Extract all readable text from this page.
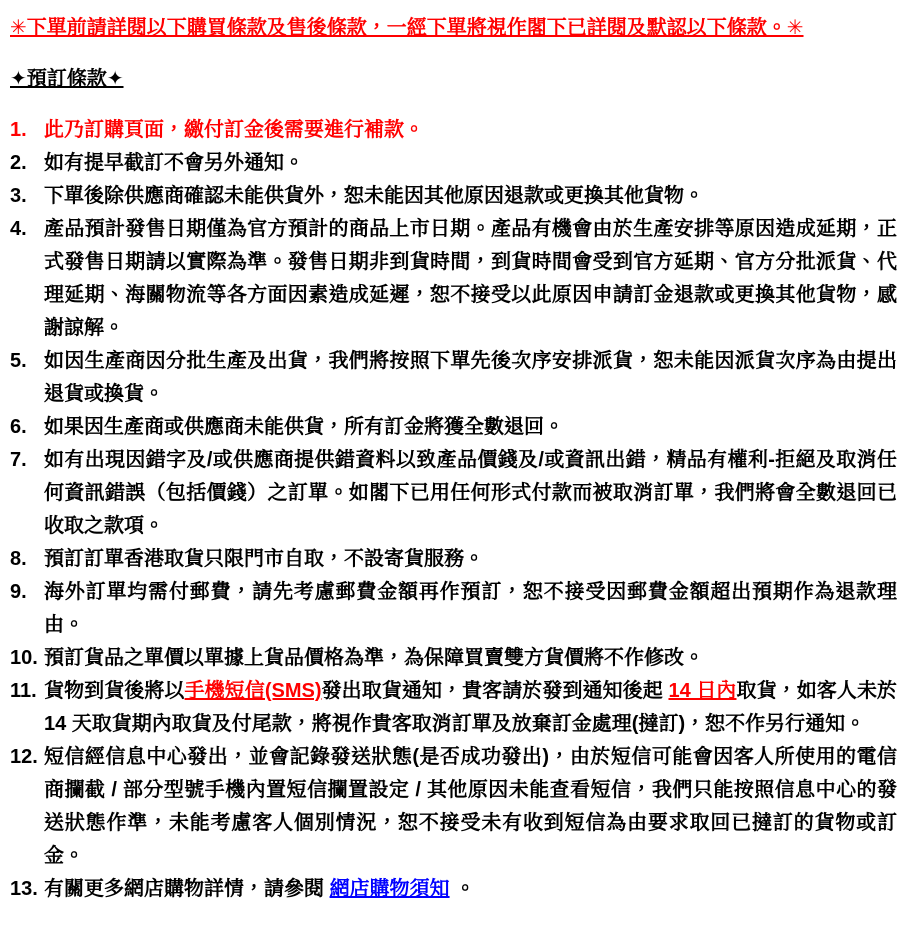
✳下單前請詳閱以下購買條款及售後條款，一經下單將視作閣下已詳閱及默認以下條款。✳
✦預訂條款✦
1. 此乃訂購頁面，繳付訂金後需要進行補款。
2. 如有提早截訂不會另外通知。
3. 下單後除供應商確認未能供貨外，恕未能因其他原因退款或更換其他貨物。
4. 產品預計發售日期僅為官方預計的商品上市日期。產品有機會由於生產安排等原因造成延期，正式發售日期請以實際為準。發售日期非到貨時間，到貨時間會受到官方延期、官方分批派貨、代理延期、海關物流等各方面因素造成延遲，恕不接受以此原因申請訂金退款或更換其他貨物，感謝諒解。
5. 如因生產商因分批生產及出貨，我們將按照下單先後次序安排派貨，恕未能因派貨次序為由提出退貨或換貨。
6. 如果因生產商或供應商未能供貨，所有訂金將獲全數退回。
7. 如有出現因錯字及/或供應商提供錯資料以致產品價錢及/或資訊出錯，精品有權利-拒絕及取消任何資訊錯誤（包括價錢）之訂單。如閣下已用任何形式付款而被取消訂單，我們將會全數退回已收取之款項。
8. 預訂訂單香港取貨只限門市自取，不設寄貨服務。
9. 海外訂單均需付郵費，請先考慮郵費金額再作預訂，恕不接受因郵費金額超出預期作為退款理由。
10. 預訂貨品之單價以單據上貨品價格為準，為保障買賣雙方貨價將不作修改。
11. 貨物到貨後將以手機短信(SMS)發出取貨通知，貴客請於發到通知後起 14 日內取貨，如客人未於 14 天取貨期內取貨及付尾款，將視作貴客取消訂單及放棄訂金處理(撻訂)，恕不作另行通知。
12. 短信經信息中心發出，並會記錄發送狀態(是否成功發出)，由於短信可能會因客人所使用的電信商攔截 / 部分型號手機內置短信攔置設定 / 其他原因未能查看短信，我們只能按照信息中心的發送狀態作準，未能考慮客人個別情況，恕不接受未有收到短信為由要求取回已撻訂的貨物或訂金。
13. 有關更多網店購物詳情，請參閱 網店購物須知 。
